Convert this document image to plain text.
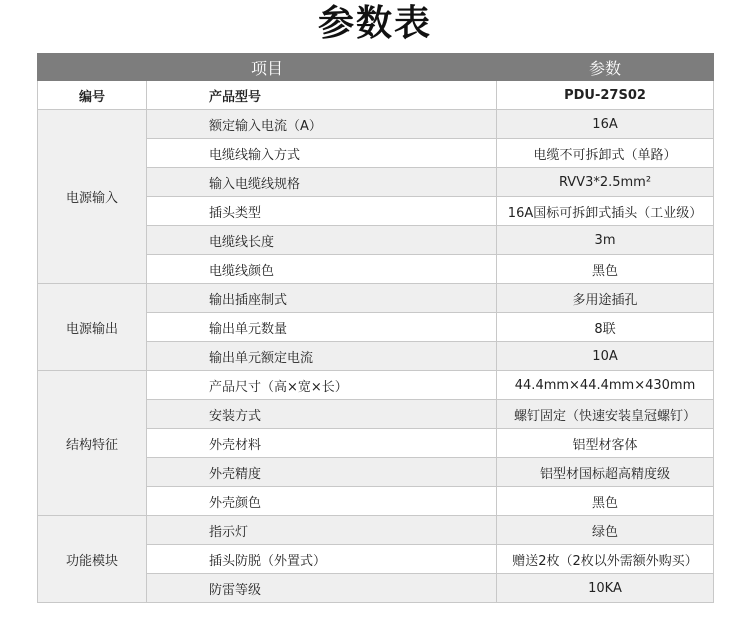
参数表
项目		参数
编号	产品型号	PDU-27S02
电源输入	额定输入电流（A）	16A
	电缆线输入方式	电缆不可拆卸式（单路）
	输入电缆线规格	RVV3*2.5mm²
	插头类型	16A国标可拆卸式插头（工业级）
	电缆线长度	3m
	电缆线颜色	黑色
电源输出	输出插座制式	多用途插孔
	输出单元数量	8联
	输出单元额定电流	10A
结构特征	产品尺寸（高×宽×长）	44.4mm×44.4mm×430mm
	安装方式	螺钉固定（快速安装皇冠螺钉）
	外壳材料	铝型材客体
	外壳精度	铝型材国标超高精度级
	外壳颜色	黑色
功能模块	指示灯	绿色
	插头防脱（外置式）	赠送2枚（2枚以外需额外购买）
	防雷等级	10KA
